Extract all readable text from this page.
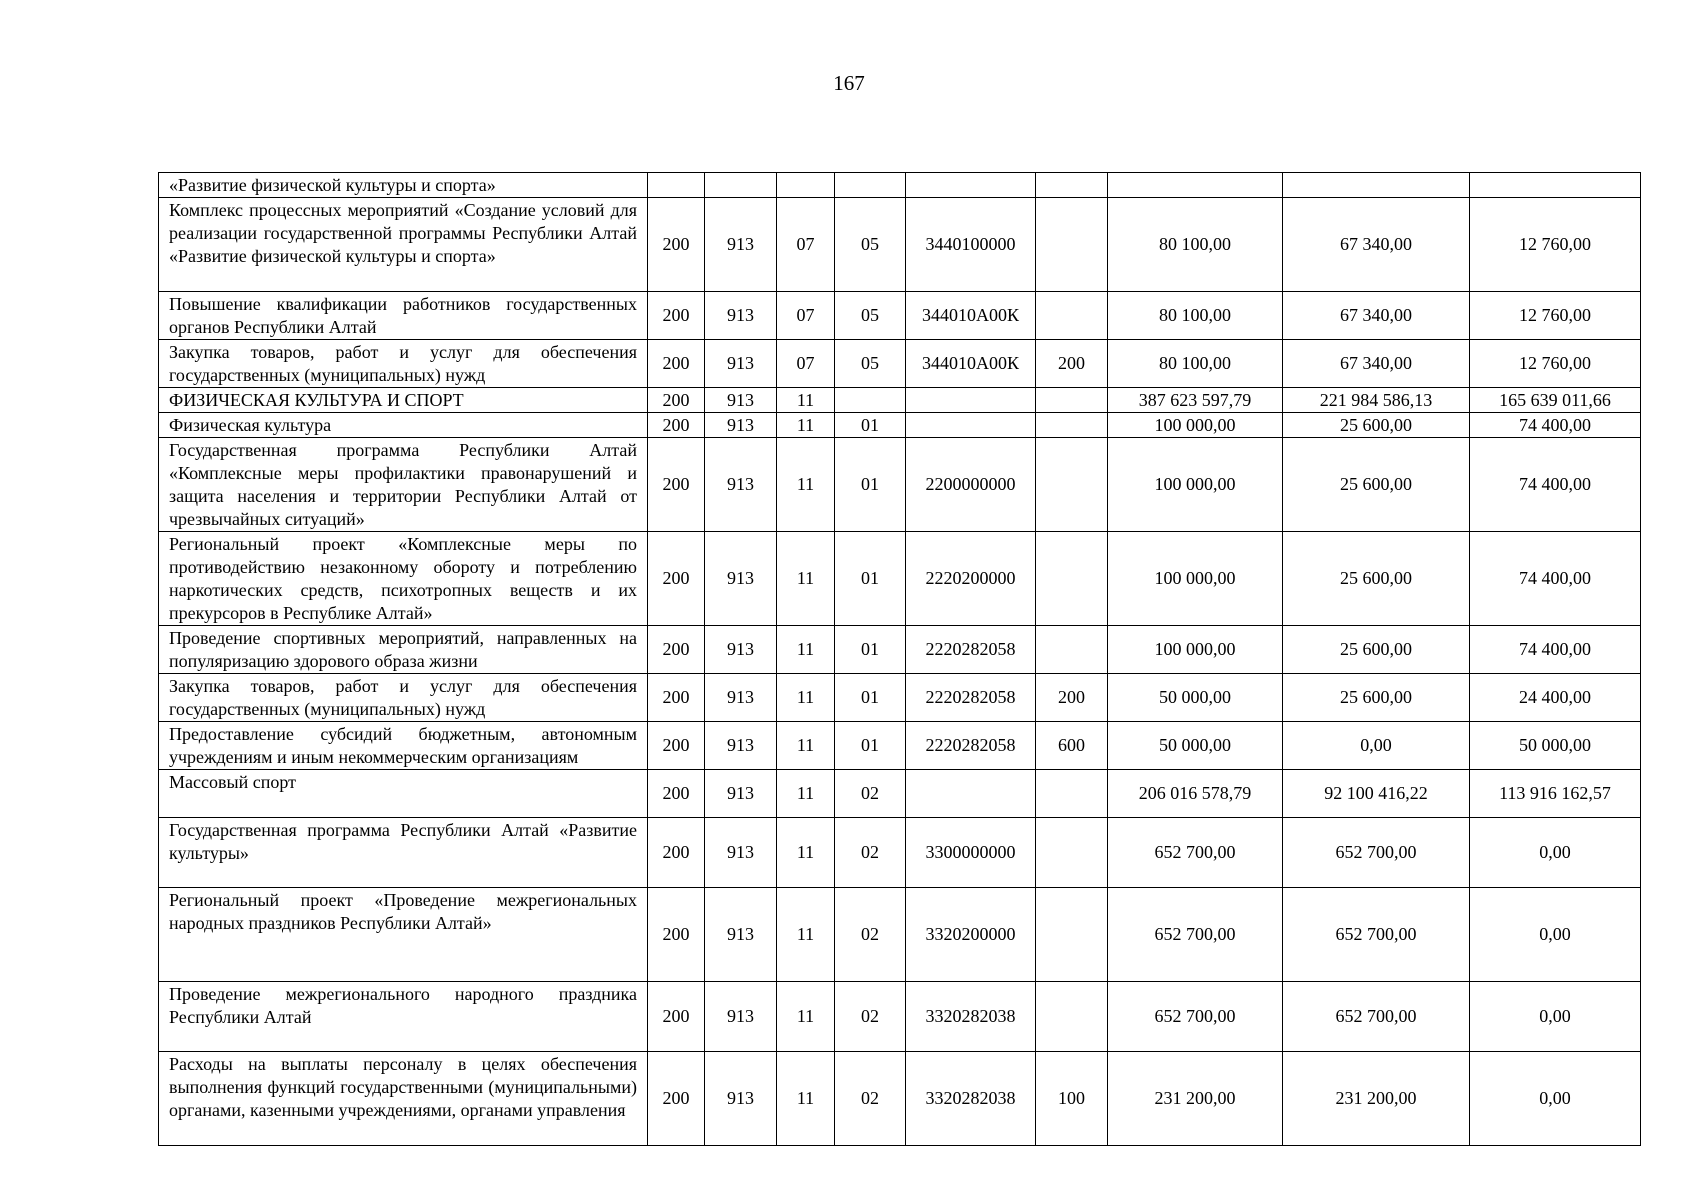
167
«Развитие физической культуры и спорта»									
Комплекс процессных мероприятий «Создание условий для реализации государственной программы Республики Алтай «Развитие физической культуры и спорта»	200	913	07	05	3440100000		80 100,00	67 340,00	12 760,00
Повышение квалификации работников государственных органов Республики Алтай	200	913	07	05	344010А00К		80 100,00	67 340,00	12 760,00
Закупка товаров, работ и услуг для обеспечения государственных (муниципальных) нужд	200	913	07	05	344010А00К	200	80 100,00	67 340,00	12 760,00
ФИЗИЧЕСКАЯ КУЛЬТУРА И СПОРТ	200	913	11				387 623 597,79	221 984 586,13	165 639 011,66
Физическая культура	200	913	11	01			100 000,00	25 600,00	74 400,00
Государственная программа Республики Алтай «Комплексные меры профилактики правонарушений и защита населения и территории Республики Алтай от чрезвычайных ситуаций»	200	913	11	01	2200000000		100 000,00	25 600,00	74 400,00
Региональный проект «Комплексные меры по противодействию незаконному обороту и потреблению наркотических средств, психотропных веществ и их прекурсоров в Республике Алтай»	200	913	11	01	2220200000		100 000,00	25 600,00	74 400,00
Проведение спортивных мероприятий, направленных на популяризацию здорового образа жизни	200	913	11	01	2220282058		100 000,00	25 600,00	74 400,00
Закупка товаров, работ и услуг для обеспечения государственных (муниципальных) нужд	200	913	11	01	2220282058	200	50 000,00	25 600,00	24 400,00
Предоставление субсидий бюджетным, автономным учреждениям и иным некоммерческим организациям	200	913	11	01	2220282058	600	50 000,00	0,00	50 000,00
Массовый спорт	200	913	11	02			206 016 578,79	92 100 416,22	113 916 162,57
Государственная программа Республики Алтай «Развитие культуры»	200	913	11	02	3300000000		652 700,00	652 700,00	0,00
Региональный проект «Проведение межрегиональных народных праздников Республики Алтай»	200	913	11	02	3320200000		652 700,00	652 700,00	0,00
Проведение межрегионального народного праздника Республики Алтай	200	913	11	02	3320282038		652 700,00	652 700,00	0,00
Расходы на выплаты персоналу в целях обеспечения выполнения функций государственными (муниципальными) органами, казенными учреждениями, органами управления	200	913	11	02	3320282038	100	231 200,00	231 200,00	0,00
